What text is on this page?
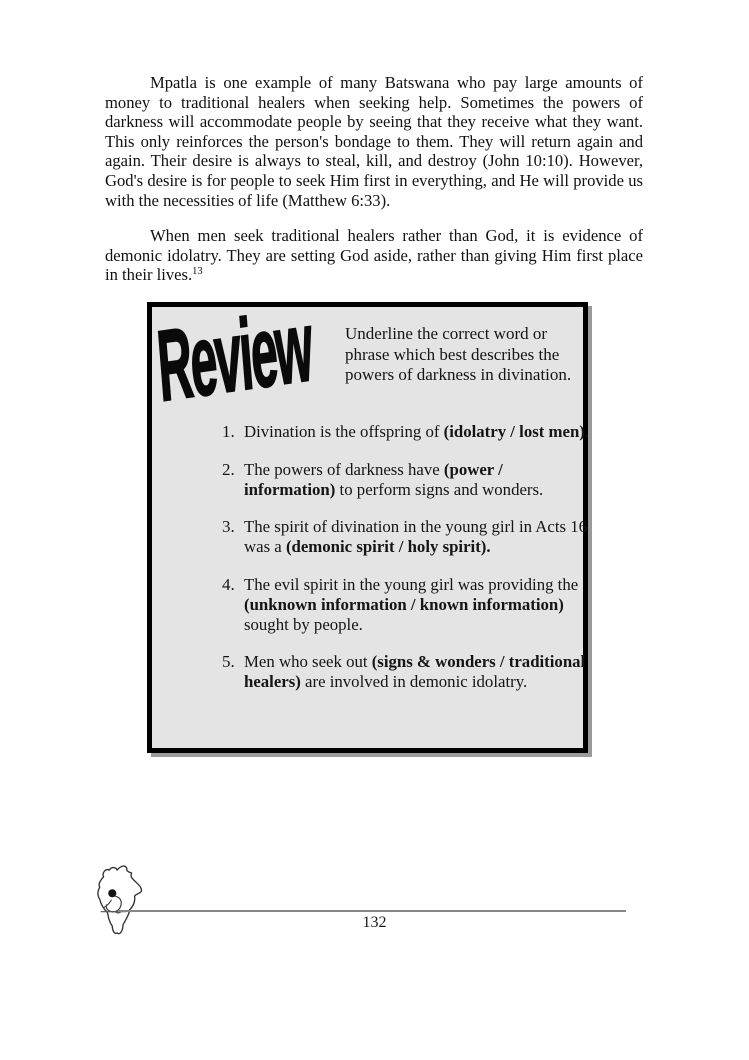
Mpatla is one example of many Batswana who pay large amounts of money to traditional healers when seeking help. Sometimes the powers of darkness will accommodate people by seeing that they receive what they want. This only reinforces the person's bondage to them. They will return again and again. Their desire is always to steal, kill, and destroy (John 10:10). However, God's desire is for people to seek Him first in everything, and He will provide us with the necessities of life (Matthew 6:33).

When men seek traditional healers rather than God, it is evidence of demonic idolatry. They are setting God aside, rather than giving Him first place in their lives.$^{13}$

Review	Underline the correct word or phrase which best describes the powers of darkness in divination.
1. Divination is the offspring of (idolatry / lost men).
2. The powers of darkness have (power / information) to perform signs and wonders.
3. The spirit of divination in the young girl in Acts 16 was a (demonic spirit / holy spirit).
4. The evil spirit in the young girl was providing the (unknown information / known information) sought by people.
5. Men who seek out (signs & wonders / traditional healers) are involved in demonic idolatry.
132
